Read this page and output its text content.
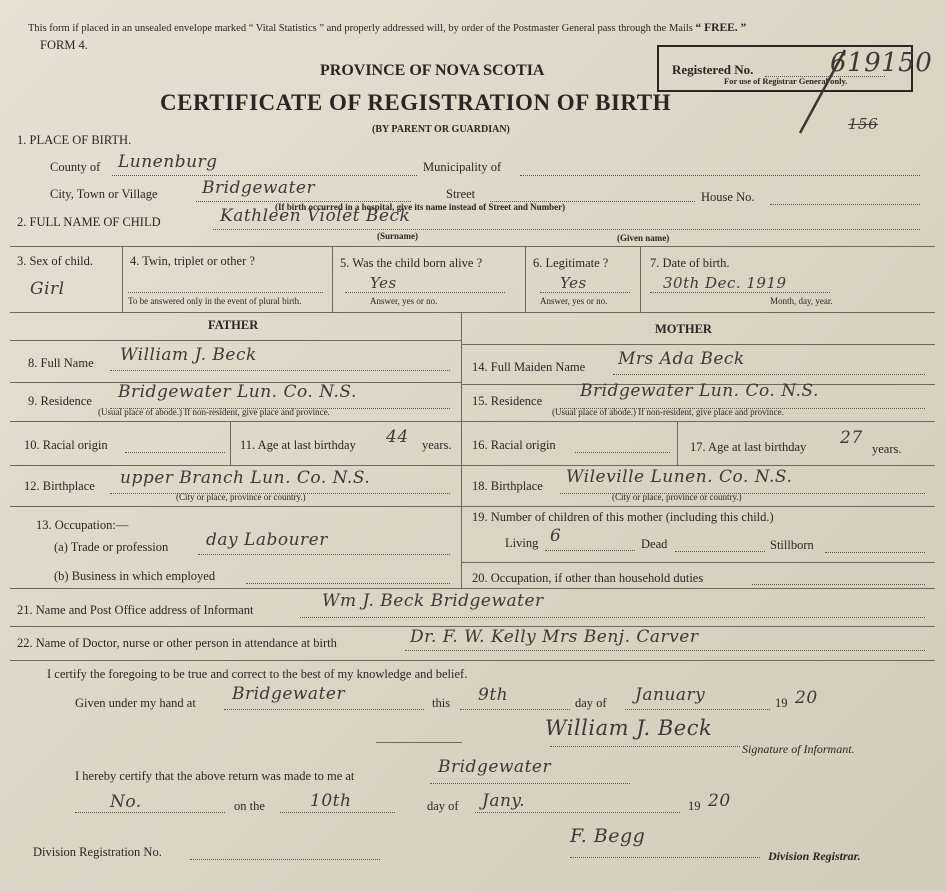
This form if placed in an unsealed envelope marked “ Vital Statistics ” and properly addressed will, by order of the Postmaster General pass through the Mails “ FREE. ”
FORM 4.
PROVINCE OF NOVA SCOTIA
CERTIFICATE OF REGISTRATION OF BIRTH
(BY PARENT OR GUARDIAN)
Registered No.
For use of Registrar General only.
619150
156
1. PLACE OF BIRTH.
County of Lunenburg	Municipality of
City, Town or Village	Bridgewater	Street	House No.
(If birth occurred in a hospital, give its name instead of Street and Number)
2. FULL NAME OF CHILD	Kathleen Violet Beck
(Surname)	(Given name)
3. Sex of child.
Girl
4. Twin, triplet or other ?
To be answered only in the event of plural birth.
5. Was the child born alive ?
Yes
Answer, yes or no.
6. Legitimate ?
Yes
Answer, yes or no.
7. Date of birth.
30th Dec. 1919
Month, day, year.
FATHER	MOTHER
8. Full Name William J. Beck
9. Residence Bridgewater Lun. Co. N.S.
(Usual place of abode.) If non-resident, give place and province.
10. Racial origin	11. Age at last birthday 44 years.
12. Birthplace upper Branch Lun. Co. N.S.
(City or place, province or country.)
13. Occupation:—
(a) Trade or profession day Labourer
(b) Business in which employed
14. Full Maiden Name Mrs Ada Beck
15. Residence Bridgewater Lun. Co. N.S.
(Usual place of abode.) If non-resident, give place and province.
16. Racial origin	17. Age at last birthday 27
years.
18. Birthplace Wileville Lunen. Co. N.S.
(City or place, province or country.)
19. Number of children of this mother (including this child.)
Living 6	Dead	Stillborn
20. Occupation, if other than household duties
21. Name and Post Office address of Informant	Wm J. Beck Bridgewater
22. Name of Doctor, nurse or other person in attendance at birth	Dr. F. W. Kelly Mrs Benj. Carver
I certify the foregoing to be true and correct to the best of my knowledge and belief.
Given under my hand at Bridgewater	this 9th	day of January	19 20
William J. Beck
Signature of Informant.
I hereby certify that the above return was made to me at	Bridgewater
No.	on the	10th	day of Jany.	19 20
Division Registration No.
F. Begg
Division Registrar.
